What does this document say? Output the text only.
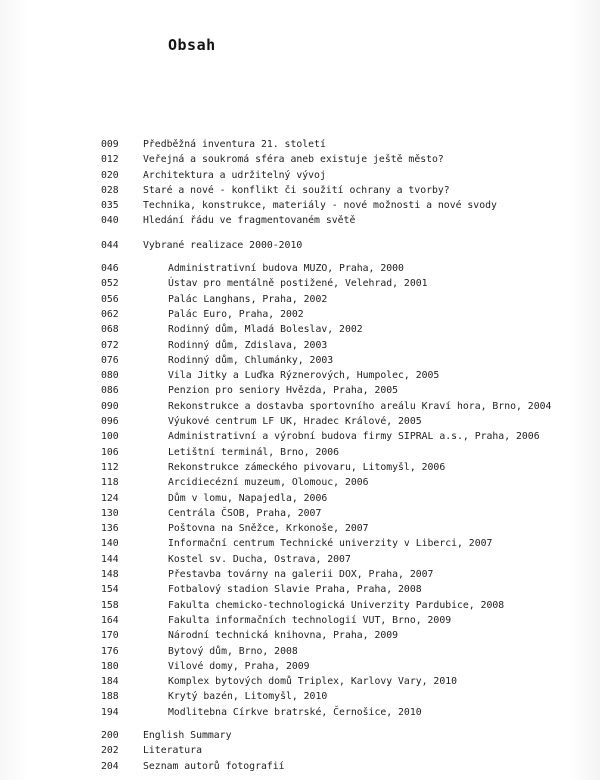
Obsah
009	Předběžná inventura 21. století
012	Veřejná a soukromá sféra aneb existuje ještě město?
020	Architektura a udržitelný vývoj
028	Staré a nové - konflikt či soužití ochrany a tvorby?
035	Technika, konstrukce, materiály - nové možnosti a nové svody
040	Hledání řádu ve fragmentovaném světě
044	Vybrané realizace 2000-2010
046	Administrativní budova MUZO, Praha, 2000
052	Ústav pro mentálně postižené, Velehrad, 2001
056	Palác Langhans, Praha, 2002
062	Palác Euro, Praha, 2002
068	Rodinný dům, Mladá Boleslav, 2002
072	Rodinný dům, Zdislava, 2003
076	Rodinný dům, Chlumánky, 2003
080	Vila Jitky a Luďka Rýznerových, Humpolec, 2005
086	Penzion pro seniory Hvězda, Praha, 2005
090	Rekonstrukce a dostavba sportovního areálu Kraví hora, Brno, 2004
096	Výukové centrum LF UK, Hradec Králové, 2005
100	Administrativní a výrobní budova firmy SIPRAL a.s., Praha, 2006
106	Letištní terminál, Brno, 2006
112	Rekonstrukce zámeckého pivovaru, Litomyšl, 2006
118	Arcidiecézní muzeum, Olomouc, 2006
124	Dům v lomu, Napajedla, 2006
130	Centrála ČSOB, Praha, 2007
136	Poštovna na Sněžce, Krkonoše, 2007
140	Informační centrum Technické univerzity v Liberci, 2007
144	Kostel sv. Ducha, Ostrava, 2007
148	Přestavba továrny na galerii DOX, Praha, 2007
154	Fotbalový stadion Slavie Praha, Praha, 2008
158	Fakulta chemicko-technologická Univerzity Pardubice, 2008
164	Fakulta informačních technologií VUT, Brno, 2009
170	Národní technická knihovna, Praha, 2009
176	Bytový dům, Brno, 2008
180	Vilové domy, Praha, 2009
184	Komplex bytových domů Triplex, Karlovy Vary, 2010
188	Krytý bazén, Litomyšl, 2010
194	Modlitebna Církve bratrské, Černošice, 2010
200	English Summary
202	Literatura
204	Seznam autorů fotografií
